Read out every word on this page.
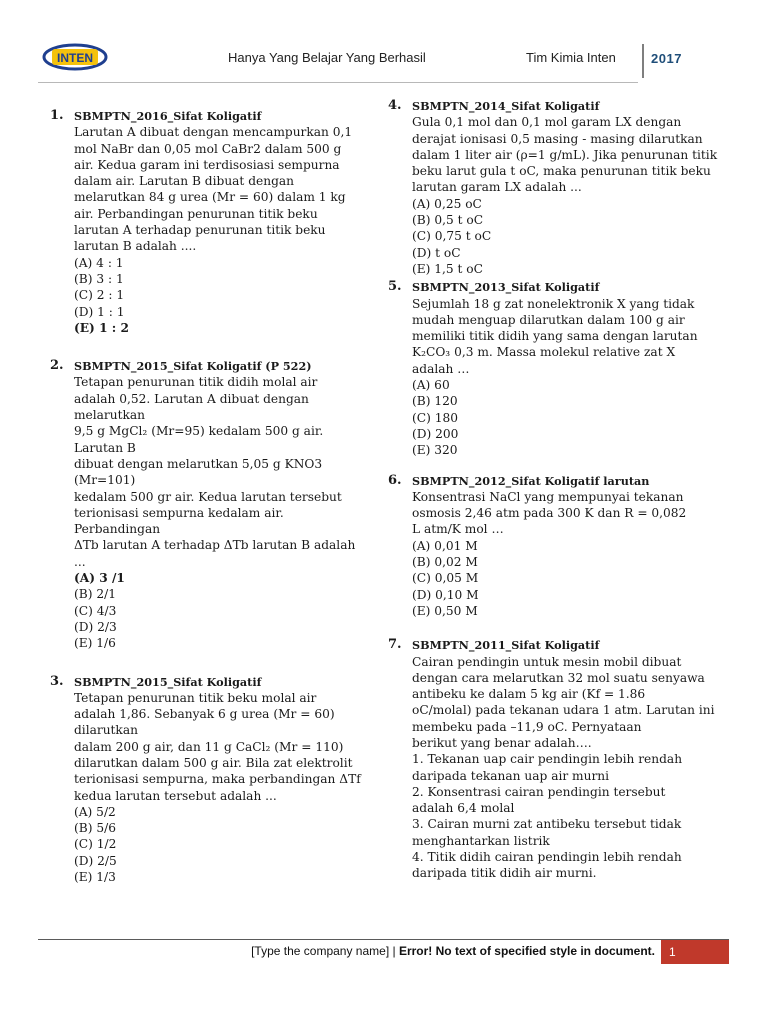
INTEN	Hanya Yang Belajar Yang Berhasil	Tim Kimia Inten	2017
1. SBMPTN_2016_Sifat Koligatif
Larutan A dibuat dengan mencampurkan 0,1
mol NaBr dan 0,05 mol CaBr2 dalam 500 g
air. Kedua garam ini terdisosiasi sempurna
dalam air. Larutan B dibuat dengan
melarutkan 84 g urea (Mr = 60) dalam 1 kg
air. Perbandingan penurunan titik beku
larutan A terhadap penurunan titik beku
larutan B adalah ....
(A) 4 : 1
(B) 3 : 1
(C) 2 : 1
(D) 1 : 1
(E) 1 : 2
2. SBMPTN_2015_Sifat Koligatif (P 522)
Tetapan penurunan titik didih molal air
adalah 0,52. Larutan A dibuat dengan melarutkan
9,5 g MgCl₂ (Mr=95) kedalam 500 g air. Larutan B
dibuat dengan melarutkan 5,05 g KNO3 (Mr=101)
kedalam 500 gr air. Kedua larutan tersebut
terionisasi sempurna kedalam air. Perbandingan
ΔTb larutan A terhadap ΔTb larutan B adalah ...
(A) 3 /1
(B) 2/1
(C) 4/3
(D) 2/3
(E) 1/6
3. SBMPTN_2015_Sifat Koligatif
Tetapan penurunan titik beku molal air
adalah 1,86. Sebanyak 6 g urea (Mr = 60) dilarutkan
dalam 200 g air, dan 11 g CaCl₂ (Mr = 110)
dilarutkan dalam 500 g air. Bila zat elektrolit
terionisasi sempurna, maka perbandingan ΔTf
kedua larutan tersebut adalah ...
(A) 5/2
(B) 5/6
(C) 1/2
(D) 2/5
(E) 1/3
4. SBMPTN_2014_Sifat Koligatif
Gula 0,1 mol dan 0,1 mol garam LX dengan
derajat ionisasi 0,5 masing - masing dilarutkan
dalam 1 liter air (ρ=1 g/mL). Jika penurunan titik
beku larut gula t oC, maka penurunan titik beku
larutan garam LX adalah ...
(A) 0,25 oC
(B) 0,5 t oC
(C) 0,75 t oC
(D) t oC
(E) 1,5 t oC
5. SBMPTN_2013_Sifat Koligatif
Sejumlah 18 g zat nonelektronik X yang tidak
mudah menguap dilarutkan dalam 100 g air
memiliki titik didih yang sama dengan larutan
K₂CO₃ 0,3 m. Massa molekul relative zat X
adalah …
(A) 60
(B) 120
(C) 180
(D) 200
(E) 320
6. SBMPTN_2012_Sifat Koligatif larutan
Konsentrasi NaCl yang mempunyai tekanan
osmosis 2,46 atm pada 300 K dan R = 0,082
L atm/K mol …
(A) 0,01 M
(B) 0,02 M
(C) 0,05 M
(D) 0,10 M
(E) 0,50 M
7. SBMPTN_2011_Sifat Koligatif
Cairan pendingin untuk mesin mobil dibuat
dengan cara melarutkan 32 mol suatu senyawa
antibeku ke dalam 5 kg air (Kf = 1.86
oC/molal) pada tekanan udara 1 atm. Larutan ini
membeku pada –11,9 oC. Pernyataan
berikut yang benar adalah….
1. Tekanan uap cair pendingin lebih rendah
daripada tekanan uap air murni
2. Konsentrasi cairan pendingin tersebut
adalah 6,4 molal
3. Cairan murni zat antibeku tersebut tidak
menghantarkan listrik
4. Titik didih cairan pendingin lebih rendah
daripada titik didih air murni.
[Type the company name] | Error! No text of specified style in document.	1
